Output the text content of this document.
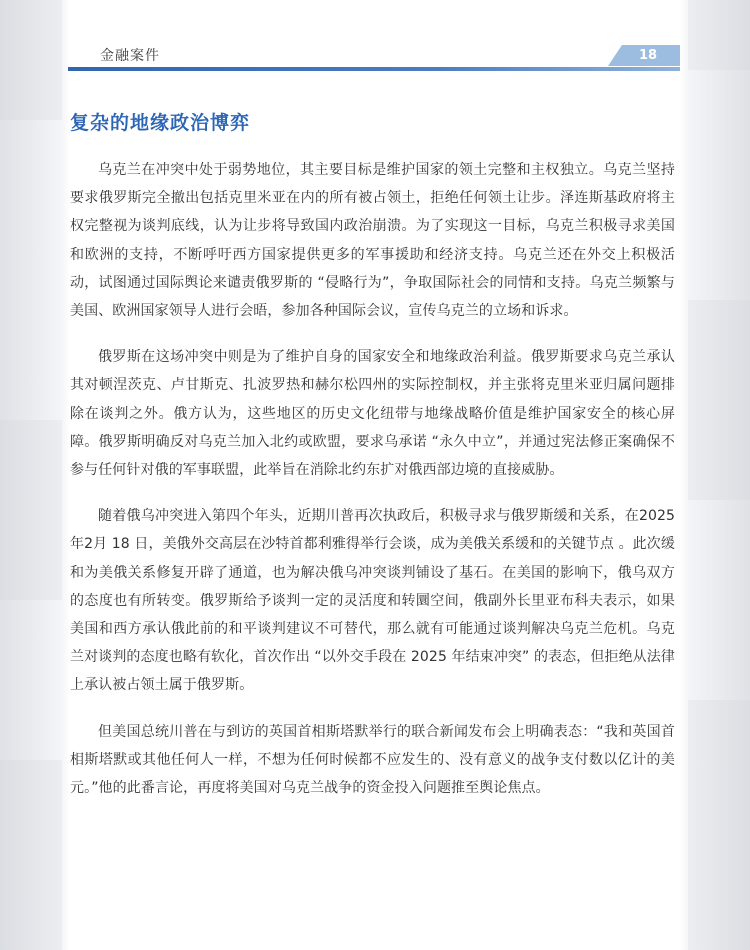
金融案件	18
复杂的地缘政治博弈

乌克兰在冲突中处于弱势地位，其主要目标是维护国家的领土完整和主权独立。乌克兰坚持要求俄罗斯完全撤出包括克里米亚在内的所有被占领土，拒绝任何领土让步。泽连斯基政府将主权完整视为谈判底线，认为让步将导致国内政治崩溃。为了实现这一目标，乌克兰积极寻求美国和欧洲的支持，不断呼吁西方国家提供更多的军事援助和经济支持。乌克兰还在外交上积极活动，试图通过国际舆论来谴责俄罗斯的 “侵略行为”，争取国际社会的同情和支持。乌克兰频繁与美国、欧洲国家领导人进行会晤，参加各种国际会议，宣传乌克兰的立场和诉求。

俄罗斯在这场冲突中则是为了维护自身的国家安全和地缘政治利益。俄罗斯要求乌克兰承认其对顿涅茨克、卢甘斯克、扎波罗热和赫尔松四州的实际控制权，并主张将克里米亚归属问题排除在谈判之外。俄方认为，这些地区的历史文化纽带与地缘战略价值是维护国家安全的核心屏障。俄罗斯明确反对乌克兰加入北约或欧盟，要求乌承诺 “永久中立”，并通过宪法修正案确保不参与任何针对俄的军事联盟，此举旨在消除北约东扩对俄西部边境的直接威胁。

随着俄乌冲突进入第四个年头，近期川普再次执政后，积极寻求与俄罗斯缓和关系，在2025年2月 18 日，美俄外交高层在沙特首都利雅得举行会谈，成为美俄关系缓和的关键节点 。此次缓和为美俄关系修复开辟了通道，也为解决俄乌冲突谈判铺设了基石。在美国的影响下，俄乌双方的态度也有所转变。俄罗斯给予谈判一定的灵活度和转圜空间，俄副外长里亚布科夫表示，如果美国和西方承认俄此前的和平谈判建议不可替代，那么就有可能通过谈判解决乌克兰危机。乌克兰对谈判的态度也略有软化，首次作出 “以外交手段在 2025 年结束冲突” 的表态，但拒绝从法律上承认被占领土属于俄罗斯。

但美国总统川普在与到访的英国首相斯塔默举行的联合新闻发布会上明确表态：“我和英国首相斯塔默或其他任何人一样，不想为任何时候都不应发生的、没有意义的战争支付数以亿计的美元。”他的此番言论，再度将美国对乌克兰战争的资金投入问题推至舆论焦点。
